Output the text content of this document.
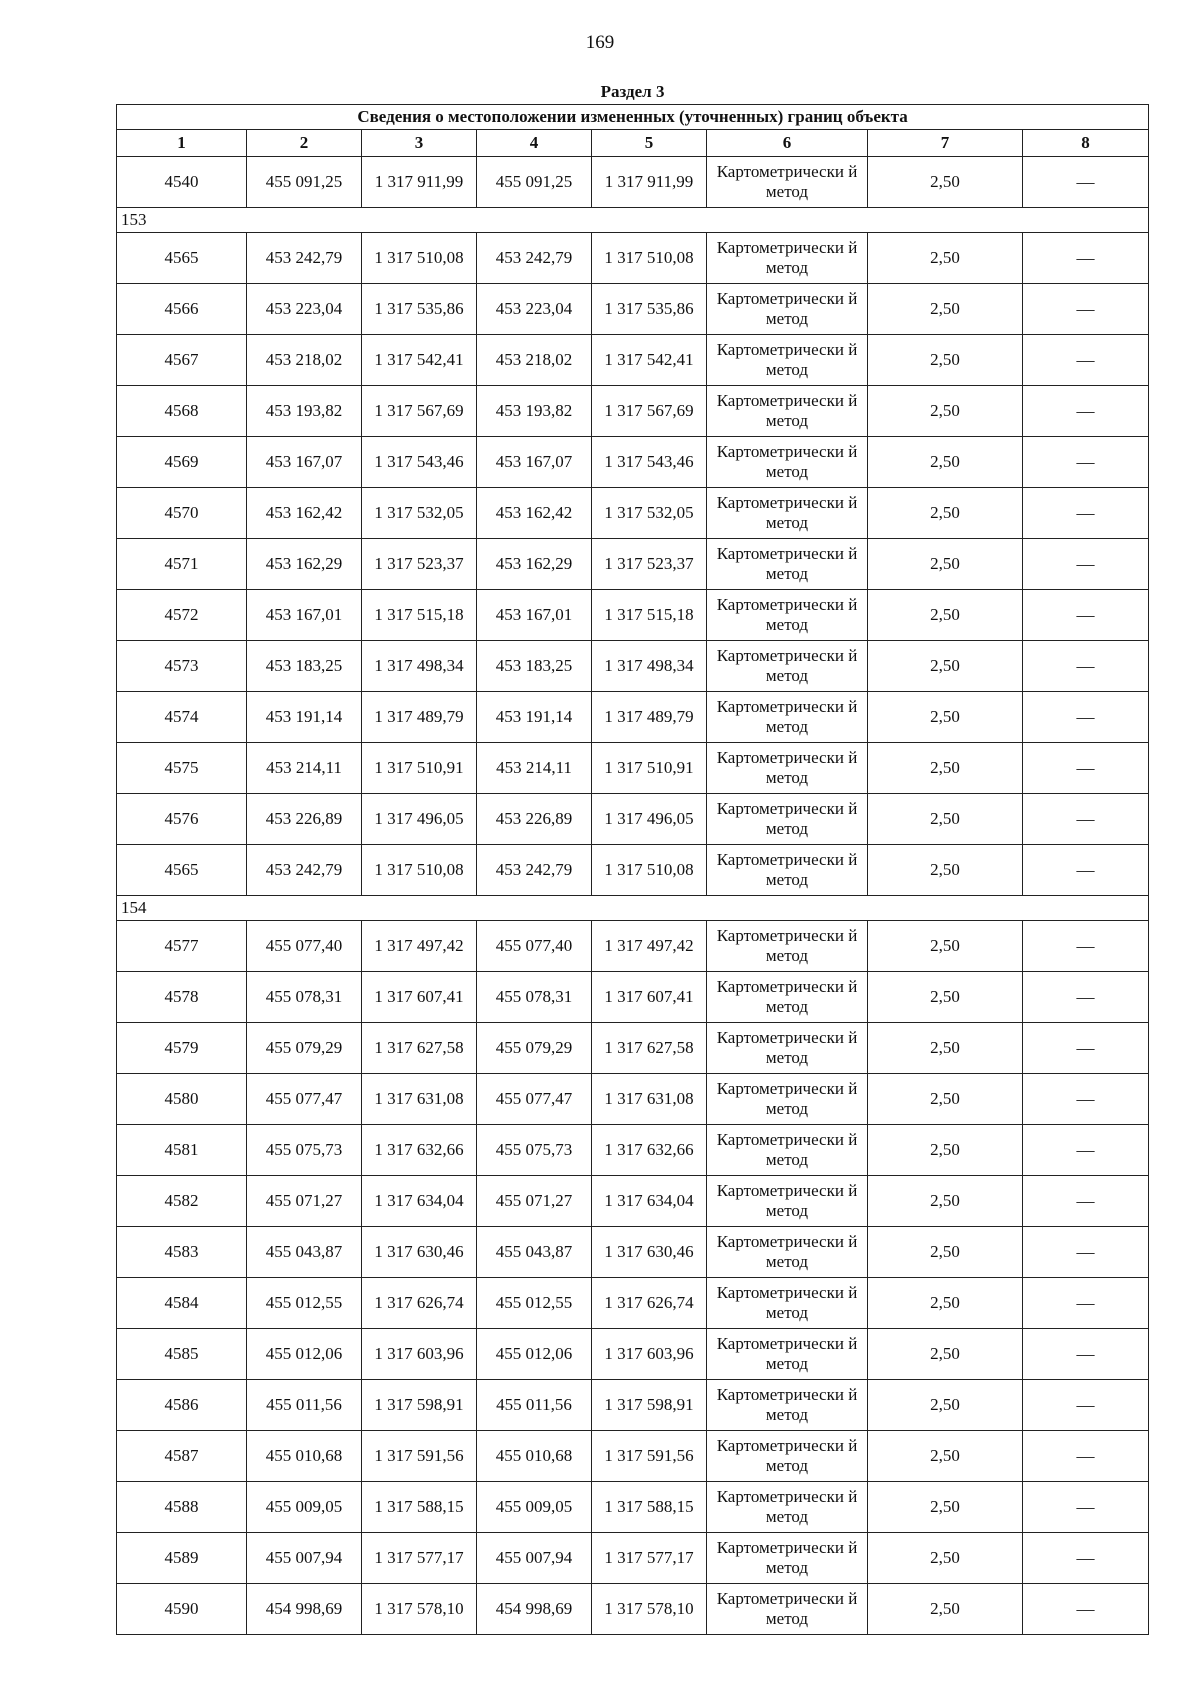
169
Раздел 3							
Сведения о местоположении измененных (уточненных) границ объекта							
1	2	3	4	5	6	7	8
4540	455 091,25	1 317 911,99	455 091,25	1 317 911,99	Картометрически й метод	2,50	—
153							
4565	453 242,79	1 317 510,08	453 242,79	1 317 510,08	Картометрически й метод	2,50	—
4566	453 223,04	1 317 535,86	453 223,04	1 317 535,86	Картометрически й метод	2,50	—
4567	453 218,02	1 317 542,41	453 218,02	1 317 542,41	Картометрически й метод	2,50	—
4568	453 193,82	1 317 567,69	453 193,82	1 317 567,69	Картометрически й метод	2,50	—
4569	453 167,07	1 317 543,46	453 167,07	1 317 543,46	Картометрически й метод	2,50	—
4570	453 162,42	1 317 532,05	453 162,42	1 317 532,05	Картометрически й метод	2,50	—
4571	453 162,29	1 317 523,37	453 162,29	1 317 523,37	Картометрически й метод	2,50	—
4572	453 167,01	1 317 515,18	453 167,01	1 317 515,18	Картометрически й метод	2,50	—
4573	453 183,25	1 317 498,34	453 183,25	1 317 498,34	Картометрически й метод	2,50	—
4574	453 191,14	1 317 489,79	453 191,14	1 317 489,79	Картометрически й метод	2,50	—
4575	453 214,11	1 317 510,91	453 214,11	1 317 510,91	Картометрически й метод	2,50	—
4576	453 226,89	1 317 496,05	453 226,89	1 317 496,05	Картометрически й метод	2,50	—
4565	453 242,79	1 317 510,08	453 242,79	1 317 510,08	Картометрически й метод	2,50	—
154							
4577	455 077,40	1 317 497,42	455 077,40	1 317 497,42	Картометрически й метод	2,50	—
4578	455 078,31	1 317 607,41	455 078,31	1 317 607,41	Картометрически й метод	2,50	—
4579	455 079,29	1 317 627,58	455 079,29	1 317 627,58	Картометрически й метод	2,50	—
4580	455 077,47	1 317 631,08	455 077,47	1 317 631,08	Картометрически й метод	2,50	—
4581	455 075,73	1 317 632,66	455 075,73	1 317 632,66	Картометрически й метод	2,50	—
4582	455 071,27	1 317 634,04	455 071,27	1 317 634,04	Картометрически й метод	2,50	—
4583	455 043,87	1 317 630,46	455 043,87	1 317 630,46	Картометрически й метод	2,50	—
4584	455 012,55	1 317 626,74	455 012,55	1 317 626,74	Картометрически й метод	2,50	—
4585	455 012,06	1 317 603,96	455 012,06	1 317 603,96	Картометрически й метод	2,50	—
4586	455 011,56	1 317 598,91	455 011,56	1 317 598,91	Картометрически й метод	2,50	—
4587	455 010,68	1 317 591,56	455 010,68	1 317 591,56	Картометрически й метод	2,50	—
4588	455 009,05	1 317 588,15	455 009,05	1 317 588,15	Картометрически й метод	2,50	—
4589	455 007,94	1 317 577,17	455 007,94	1 317 577,17	Картометрически й метод	2,50	—
4590	454 998,69	1 317 578,10	454 998,69	1 317 578,10	Картометрически й метод	2,50	—
